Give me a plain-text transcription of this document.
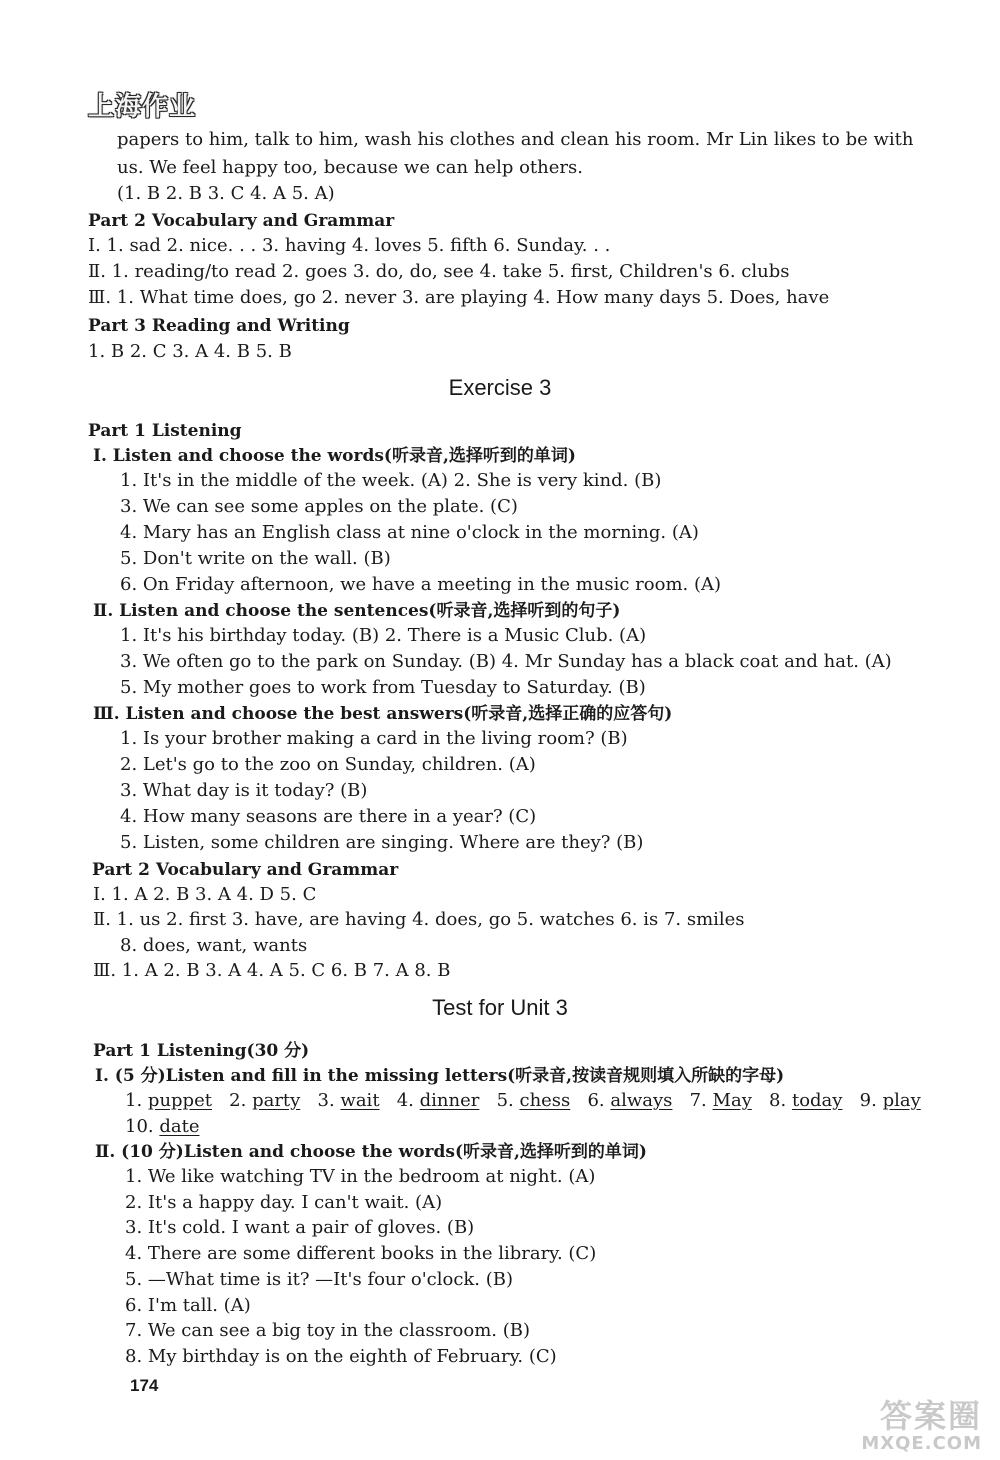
上海作业
papers to him, talk to him, wash his clothes and clean his room. Mr Lin likes to be with
us. We feel happy too, because we can help others.
(1. B 2. B 3. C 4. A 5. A)
Part 2 Vocabulary and Grammar
Ⅰ. 1. sad 2. nice. . . 3. having 4. loves 5. fifth 6. Sunday. . .
Ⅱ. 1. reading/to read 2. goes 3. do, do, see 4. take 5. first, Children's 6. clubs
Ⅲ. 1. What time does, go 2. never 3. are playing 4. How many days 5. Does, have
Part 3 Reading and Writing
1. B 2. C 3. A 4. B 5. B
Exercise 3
Part 1 Listening
Ⅰ. Listen and choose the words(听录音,选择听到的单词)
1. It's in the middle of the week. (A) 2. She is very kind. (B)
3. We can see some apples on the plate. (C)
4. Mary has an English class at nine o'clock in the morning. (A)
5. Don't write on the wall. (B)
6. On Friday afternoon, we have a meeting in the music room. (A)
Ⅱ. Listen and choose the sentences(听录音,选择听到的句子)
1. It's his birthday today. (B) 2. There is a Music Club. (A)
3. We often go to the park on Sunday. (B) 4. Mr Sunday has a black coat and hat. (A)
5. My mother goes to work from Tuesday to Saturday. (B)
Ⅲ. Listen and choose the best answers(听录音,选择正确的应答句)
1. Is your brother making a card in the living room? (B)
2. Let's go to the zoo on Sunday, children. (A)
3. What day is it today? (B)
4. How many seasons are there in a year? (C)
5. Listen, some children are singing. Where are they? (B)
Part 2 Vocabulary and Grammar
Ⅰ. 1. A 2. B 3. A 4. D 5. C
Ⅱ. 1. us 2. first 3. have, are having 4. does, go 5. watches 6. is 7. smiles
8. does, want, wants
Ⅲ. 1. A 2. B 3. A 4. A 5. C 6. B 7. A 8. B
Test for Unit 3
Part 1 Listening(30 分)
Ⅰ. (5 分)Listen and fill in the missing letters(听录音,按读音规则填入所缺的字母)
1. puppet 2. party 3. wait 4. dinner 5. chess 6. always 7. May 8. today 9. play
10. date
Ⅱ. (10 分)Listen and choose the words(听录音,选择听到的单词)
1. We like watching TV in the bedroom at night. (A)
2. It's a happy day. I can't wait. (A)
3. It's cold. I want a pair of gloves. (B)
4. There are some different books in the library. (C)
5. —What time is it? —It's four o'clock. (B)
6. I'm tall. (A)
7. We can see a big toy in the classroom. (B)
8. My birthday is on the eighth of February. (C)
174
答案圈
MXQE.COM
